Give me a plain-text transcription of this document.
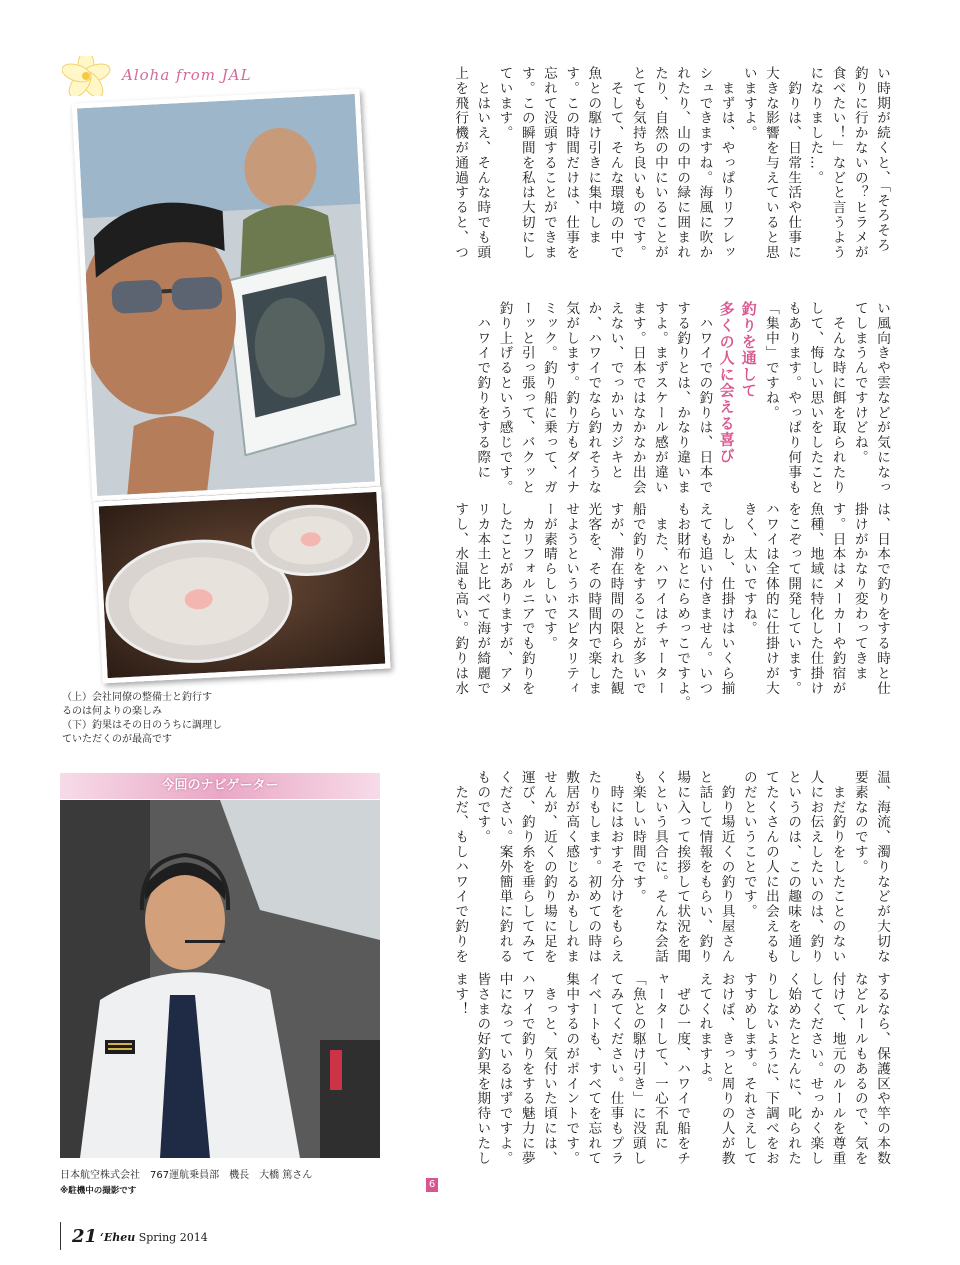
Aloha from JAL
（上）会社同僚の整備士と釣行す
るのは何よりの楽しみ
（下）釣果はその日のうちに調理し
ていただくのが最高です
今回のナビゲーター
日本航空株式会社　767運航乗員部　機長　大橋 篤さん
※駐機中の撮影です
21 ‘Eheu Spring 2014

い時期が続くと、「そろそろ

釣りに行かないの？ヒラメが

食べたい！」などと言うよう

になりました…。

　釣りは、日常生活や仕事に

大きな影響を与えていると思

いますよ。

　まずは、やっぱりリフレッ

シュできますね。海風に吹か

れたり、山の中の緑に囲まれ

たり、自然の中にいることが

とても気持ち良いものです。

　そして、そんな環境の中で

魚との駆け引きに集中しま

す。この時間だけは、仕事を

忘れて没頭することができま

す。この瞬間を私は大切にし

ています。

　とはいえ、そんな時でも頭

上を飛行機が通過すると、つ

い風向きや雲などが気になっ

てしまうんですけどね。

　そんな時に餌を取られたり

して、悔しい思いをしたこと

もあります。やっぱり何事も

「集中」ですね。

釣りを通して

多くの人に会える喜び

　ハワイでの釣りは、日本で

する釣りとは、かなり違いま

すよ。まずスケール感が違い

ます。日本ではなかなか出会

えない、でっかいカジキと

か、ハワイでなら釣れそうな

気がします。釣り方もダイナ

ミック。釣り船に乗って、ガ

ーッと引っ張って、バクッと

釣り上げるという感じです。

　ハワイで釣りをする際に

は、日本で釣りをする時と仕

掛けがかなり変わってきま

す。日本はメーカーや釣宿が

魚種、地域に特化した仕掛け

をこぞって開発しています。

ハワイは全体的に仕掛けが大

きく、太いですね。

　しかし、仕掛けはいくら揃

えても追い付きません。いつ

もお財布とにらめっこですよ。

　また、ハワイはチャーター

船で釣りをすることが多いで

すが、滞在時間の限られた観

光客を、その時間内で楽しま

せようというホスピタリティ

ーが素晴らしいです。

　カリフォルニアでも釣りを

したことがありますが、アメ

リカ本土と比べて海が綺麗で

すし、水温も高い。釣りは水

温、海流、濁りなどが大切な

要素なのです。

　まだ釣りをしたことのない

人にお伝えしたいのは、釣り

というのは、この趣味を通し

てたくさんの人に出会えるも

のだということです。

　釣り場近くの釣り具屋さん

と話して情報をもらい、釣り

場に入って挨拶して状況を聞

くという具合に。そんな会話

も楽しい時間です。

　時にはおすそ分けをもらえ

たりもします。初めての時は

敷居が高く感じるかもしれま

せんが、近くの釣り場に足を

運び、釣り糸を垂らしてみて

ください。案外簡単に釣れる

ものです。

　ただ、もしハワイで釣りを

するなら、保護区や竿の本数

などルールもあるので、気を

付けて、地元のルールを尊重

してください。せっかく楽し

く始めたとたんに、叱られた

りしないように、下調べをお

すすめします。それさえして

おけば、きっと周りの人が教

えてくれますよ。

　ぜひ一度、ハワイで船をチ

ャーターして、一心不乱に

「魚との駆け引き」に没頭し

てみてください。仕事もプラ

イベートも、すべてを忘れて

集中するのがポイントです。

　きっと、気付いた頃には、

ハワイで釣りをする魅力に夢

中になっているはずですよ。

皆さまの好釣果を期待いたし

ます！

6
